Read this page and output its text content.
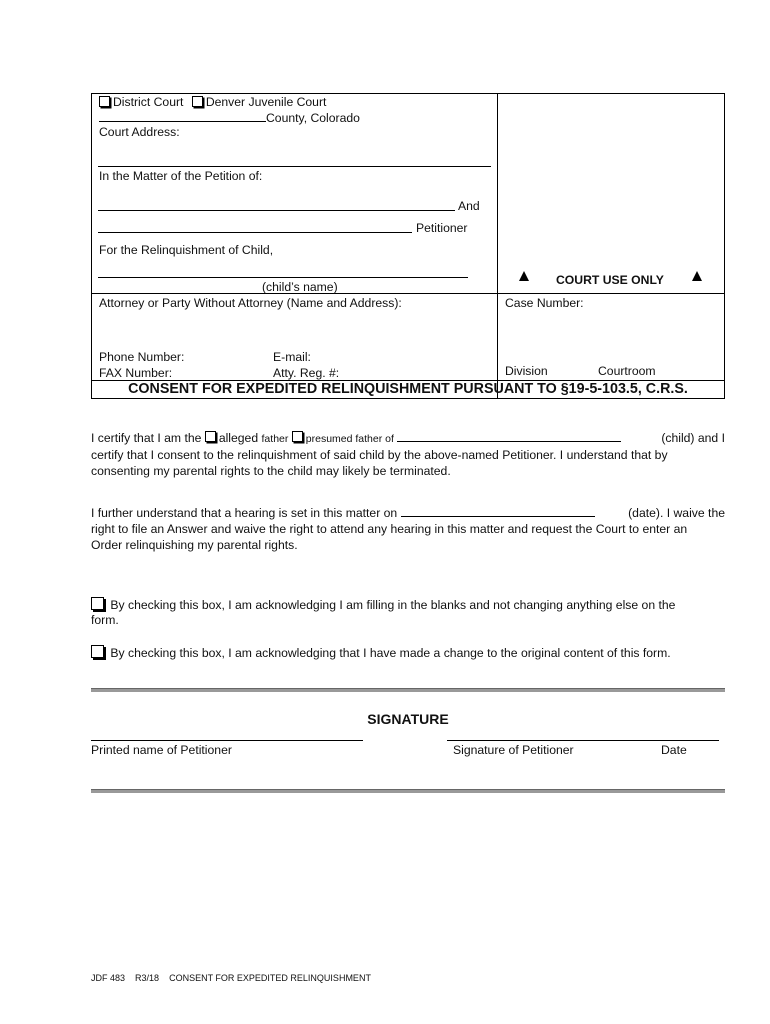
District Court Denver Juvenile Court
County, Colorado
Court Address:
In the Matter of the Petition of:
And
Petitioner
For the Relinquishment of Child,
(child’s name)	COURT USE ONLY
Attorney or Party Without Attorney (Name and Address):
Phone Number:	E-mail:
FAX Number:	Atty. Reg. #:
Case Number:
Division	Courtroom
CONSENT FOR EXPEDITED RELINQUISHMENT PURSUANT TO §19-5-103.5, C.R.S.
I certify that I am the
alleged
father
presumed father of

	(child) and I
certify that I consent to the relinquishment of said child by the above-named Petitioner. I understand that by
consenting my parental rights to the child may likely be terminated.
I further understand that a hearing is set in this matter on

	(date). I waive the
right to file an Answer and waive the right to attend any hearing in this matter and request the Court to enter an
Order relinquishing my parental rights.
By checking this box, I am acknowledging I am filling in the blanks and not changing anything else on the
form.
By checking this box, I am acknowledging that I have made a change to the original content of this form.
SIGNATURE
Printed name of Petitioner	Signature of Petitioner	Date
JDF 483 R3/18 CONSENT FOR EXPEDITED RELINQUISHMENT
